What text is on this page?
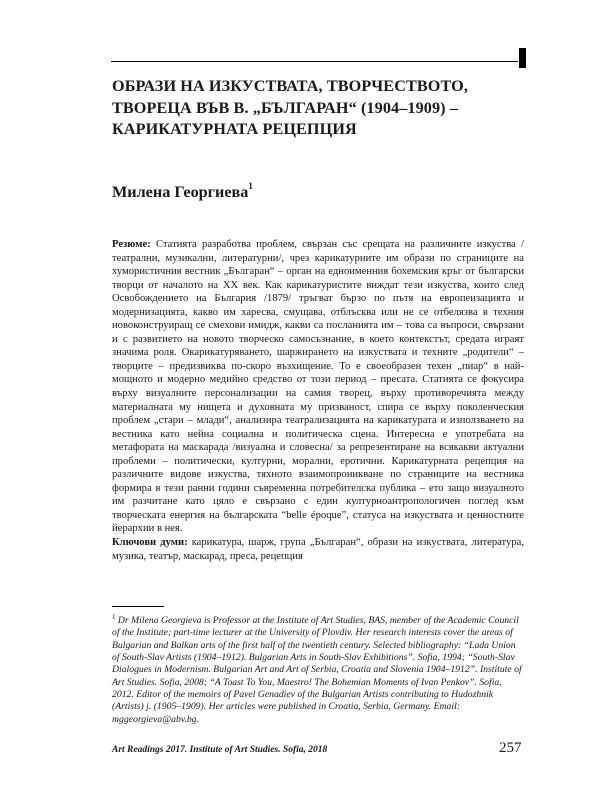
ОБРАЗИ НА ИЗКУСТВАТА, ТВОРЧЕСТВОТО, ТВОРЕЦА ВЪВ В. „БЪЛГАРАН“ (1904–1909) – КАРИКАТУРНАТА РЕЦЕПЦИЯ
Милена Георгиева$^1$

Резюме: Статията разработва проблем, свързан със срещата на различните изкуства /театрални, музикални, литературни/, чрез карикатурните им образи по страниците на хумористичния вестник „Българан“ – орган на едноименния бохемския кръг от български творци от началото на ХХ век. Как карикатуристите виждат тези изкуства, които след Освобождението на България /1879/ тръгват бързо по пътя на европеизацията и модернизацията, какво им харесва, смущава, отблъсква или не се отбелязва в техния новоконструиращ се смехови имидж, какви са посланията им – това са въпроси, свързани и с развитието на новото творческо самосъзнание, в което контекстът, средата играят значима роля. Окарикатуряването, шаржирането на изкуствата и техните „родители“ – творците – предизвиква по-скоро възхищение. То е своеобразен техен „пиар“ в най-мощното и модерно медийно средство от този период – пресата. Статията се фокусира върху визуалните персонализации на самия творец, върху противоречията между материалната му нищета и духовната му призваност, спира се върху поколенческия проблем „стари – млади“, анализира театрализацията на карикатурата и използването на вестника като нейна социална и политическа сцена. Интересна е употребата на метафората на маскарада /визуална и словесна/ за репрезентиране на всякакви актуални проблеми – политически, културни, морални, еротични. Карикатурната рецепция на различните видове изкуства, тяхното взаимопроникване по страниците на вестника формира в тези ранни години съвременна потребителска публика – ето защо визуалното им разчитане като цяло е свързано с един културноантропологичен поглед към творческата енергия на българската “belle époque”, статуса на изкуствата и ценностните йерархии в нея.

Ключови думи: карикатура, шарж, група „Българан“, образи на изкуствата, литература, музика, театър, маскарад, преса, рецепция

$^1$ Dr Milena Georgieva is Professor at the Institute of Art Studies, BAS, member of the Academic Council of the Institute; part-time lecturer at the University of Plovdiv. Her research interests cover the areas of Bulgarian and Balkan arts of the first half of the twentieth century. Selected bibliography: “Lada Union of South-Slav Artists (1904–1912). Bulgarian Arts in South-Slav Exhibitions”. Sofia, 1994; “South-Slav Dialogues in Modernism. Bulgarian Art and Art of Serbia, Croatia and Slovenia 1904–1912”. Institute of Art Studies. Sofia, 2008; “A Toast To You, Maestro! The Bohemian Moments of Ivan Penkov”. Sofia, 2012. Editor of the memoirs of Pavel Genadiev of the Bulgarian Artists contributing to Hudozhnik (Artists) j. (1905–1909). Her articles were published in Croatia, Serbia, Germany. Email: mggeorgieva@abv.bg.

Art Readings 2017. Institute of Art Studies. Sofia, 2018	257
